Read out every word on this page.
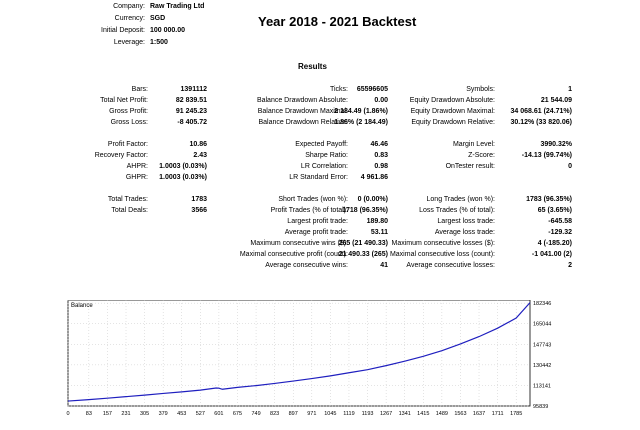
Company: Raw Trading Ltd
Currency: SGD
Initial Deposit: 100 000.00
Leverage: 1:500
Year 2018 - 2021 Backtest
Results
Bars:	1391112
Total Net Profit:	82 839.51
Gross Profit:	91 245.23
Gross Loss:	-8 405.72
Profit Factor:	10.86
Recovery Factor:	2.43
AHPR: 1.0003 (0.03%)
GHPR: 1.0003 (0.03%)
Total Trades:	1783
Total Deals:	3566
Ticks: 65596605
Balance Drawdown Absolute:	0.00
Balance Drawdown Maximal:
2 184.49 (1.86%)
Balance Drawdown Relative:
1.86% (2 184.49)
Expected Payoff:	46.46
Sharpe Ratio:	0.83
LR Correlation:	0.98
LR Standard Error: 4 961.86
Short Trades (won %): 0 (0.00%)
Profit Trades (% of total):
1718 (96.35%)
Largest profit trade:	189.80
Average profit trade:	53.11
Maximum consecutive wins ($):
265 (21 490.33)
Maximal consecutive profit (count):
21 490.33 (265)
Average consecutive wins:	41
Symbols:	1
Equity Drawdown Absolute:	21 544.09
Equity Drawdown Maximal: 34 068.61 (24.71%)
Equity Drawdown Relative: 30.12% (33 820.06)
Margin Level:	3990.32%
Z-Score:	-14.13 (99.74%)
OnTester result:	0
Long Trades (won %):	1783 (96.35%)
Loss Trades (% of total):	65 (3.65%)
Largest loss trade:	-645.58
Average loss trade:	-129.32
Maximum consecutive losses ($):	4 (-185.20)
Maximal consecutive loss (count):	-1 041.00 (2)
Average consecutive losses:	2
Balance
0	83 157 231 305 379 453 527 601 675 749 823 897 971 1045 1119 1193 1267 1341 1415 1489 1563 1637 1711 1785
95839
113141
130442
147743
165044
182346
